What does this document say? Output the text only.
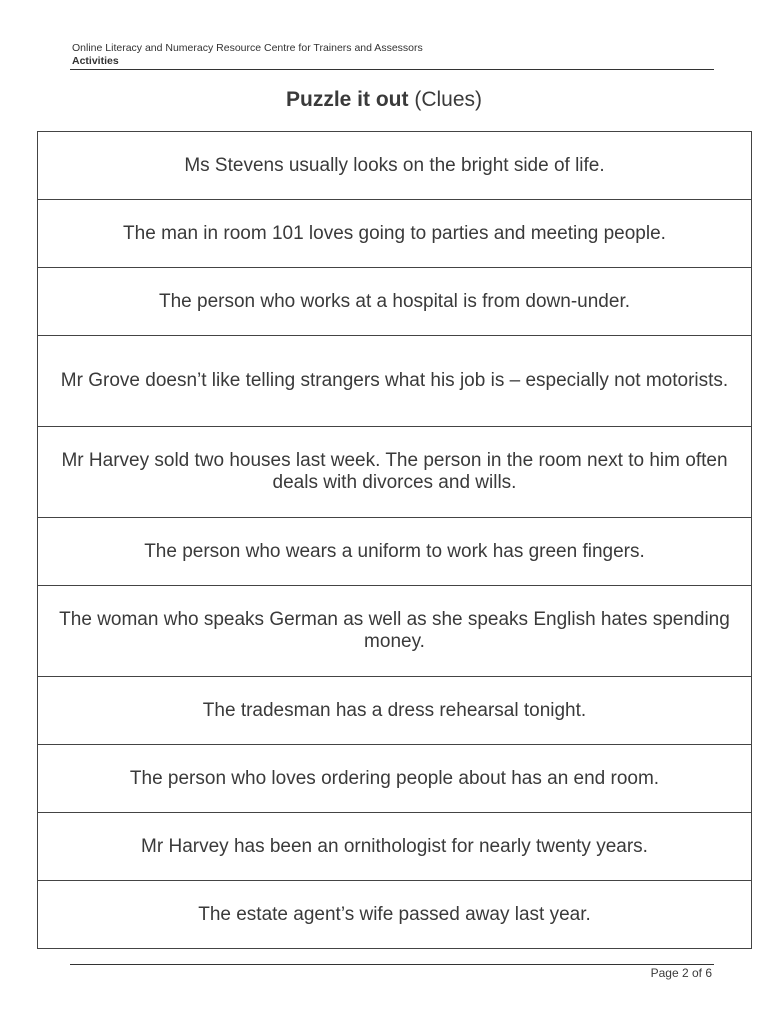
Online Literacy and Numeracy Resource Centre for Trainers and Assessors
Activities
Puzzle it out (Clues)
Ms Stevens usually looks on the bright side of life.
The man in room 101 loves going to parties and meeting people.
The person who works at a hospital is from down-under.
Mr Grove doesn’t like telling strangers what his job is – especially not motorists.
Mr Harvey sold two houses last week. The person in the room next to him often deals with divorces and wills.
The person who wears a uniform to work has green fingers.
The woman who speaks German as well as she speaks English hates spending money.
The tradesman has a dress rehearsal tonight.
The person who loves ordering people about has an end room.
Mr Harvey has been an ornithologist for nearly twenty years.
The estate agent’s wife passed away last year.
Page 2 of 6
